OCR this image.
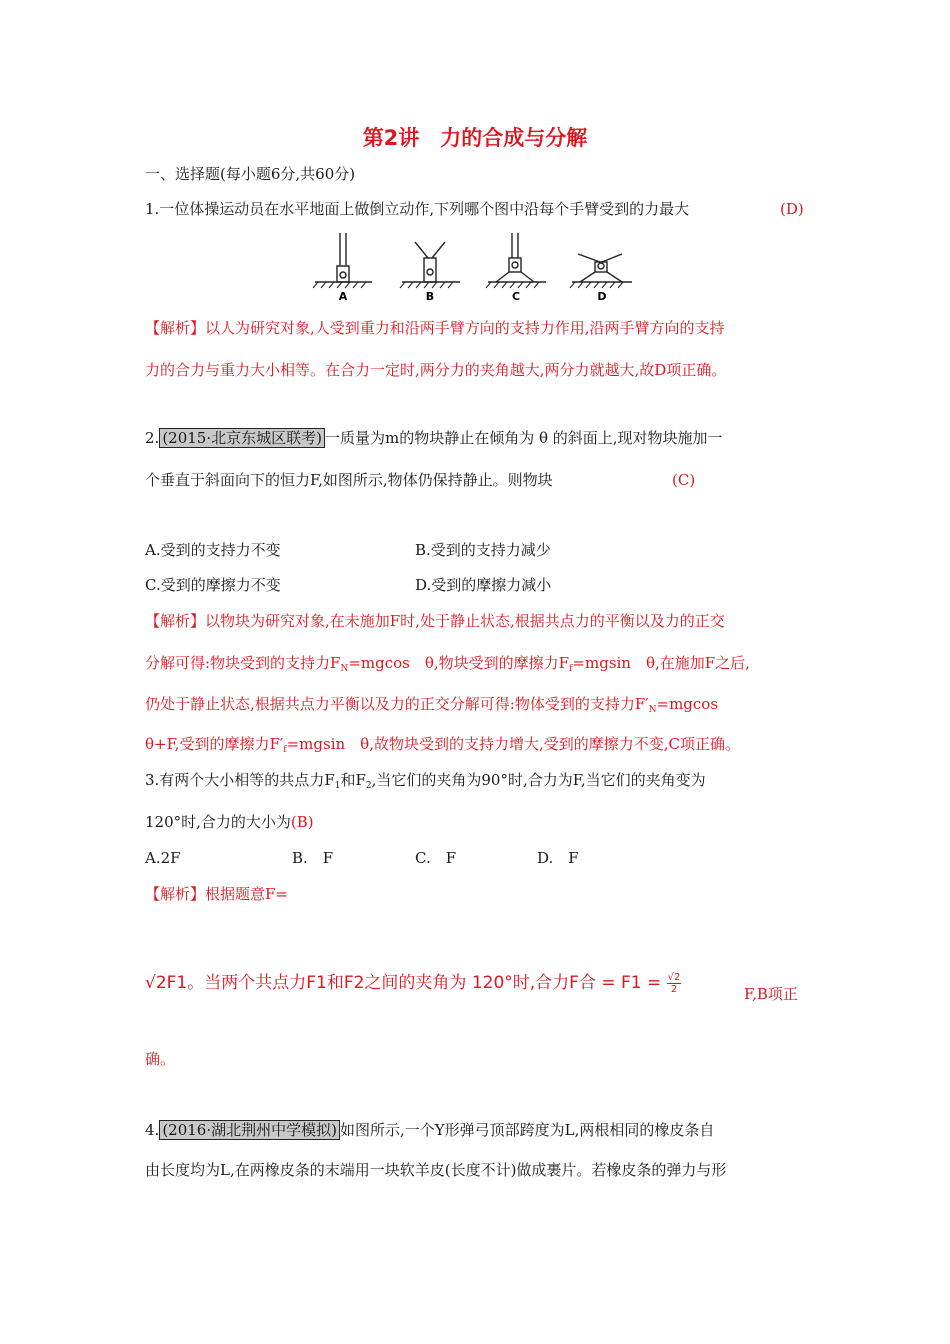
第2讲　力的合成与分解
一、选择题(每小题6分,共60分)
1.一位体操运动员在水平地面上做倒立动作,下列哪个图中沿每个手臂受到的力最大	(D)
A	B	C	D
【解析】以人为研究对象,人受到重力和沿两手臂方向的支持力作用,沿两手臂方向的支持
力的合力与重力大小相等。在合力一定时,两分力的夹角越大,两分力就越大,故D项正确。
2. (2015·北京东城区联考) 一质量为m的物块静止在倾角为 θ 的斜面上,现对物块施加一
个垂直于斜面向下的恒力F,如图所示,物体仍保持静止。则物块	(C)
A.受到的支持力不变	B.受到的支持力减少
C.受到的摩擦力不变	D.受到的摩擦力减小
【解析】以物块为研究对象,在未施加F时,处于静止状态,根据共点力的平衡以及力的正交
分解可得:物块受到的支持力$F_N=mgcos$　θ,物块受到的摩擦力$F_f=mgsin$　θ,在施加F之后,
仍处于静止状态,根据共点力平衡以及力的正交分解可得:物体受到的支持力$F'_N=mgcos$
θ+F,受到的摩擦力$F'_f=mgsin$　θ,故物块受到的支持力增大,受到的摩擦力不变,C项正确。
3.有两个大小相等的共点力$F_1$和$F_2$,当它们的夹角为90°时,合力为F,当它们的夹角变为
120°时,合力的大小为(B)
A.2F	B.　F	C.　F	D.　F
【解析】根据题意F=
√2F1。当两个共点力F1和F2之间的夹角为 120°时,合力F合 = $F1 = \frac{√2}{2}$	F,B项正
确。
4. (2016·湖北荆州中学模拟) 如图所示,一个Y形弹弓顶部跨度为L,两根相同的橡皮条自
由长度均为L,在两橡皮条的末端用一块软羊皮(长度不计)做成裹片。若橡皮条的弹力与形
